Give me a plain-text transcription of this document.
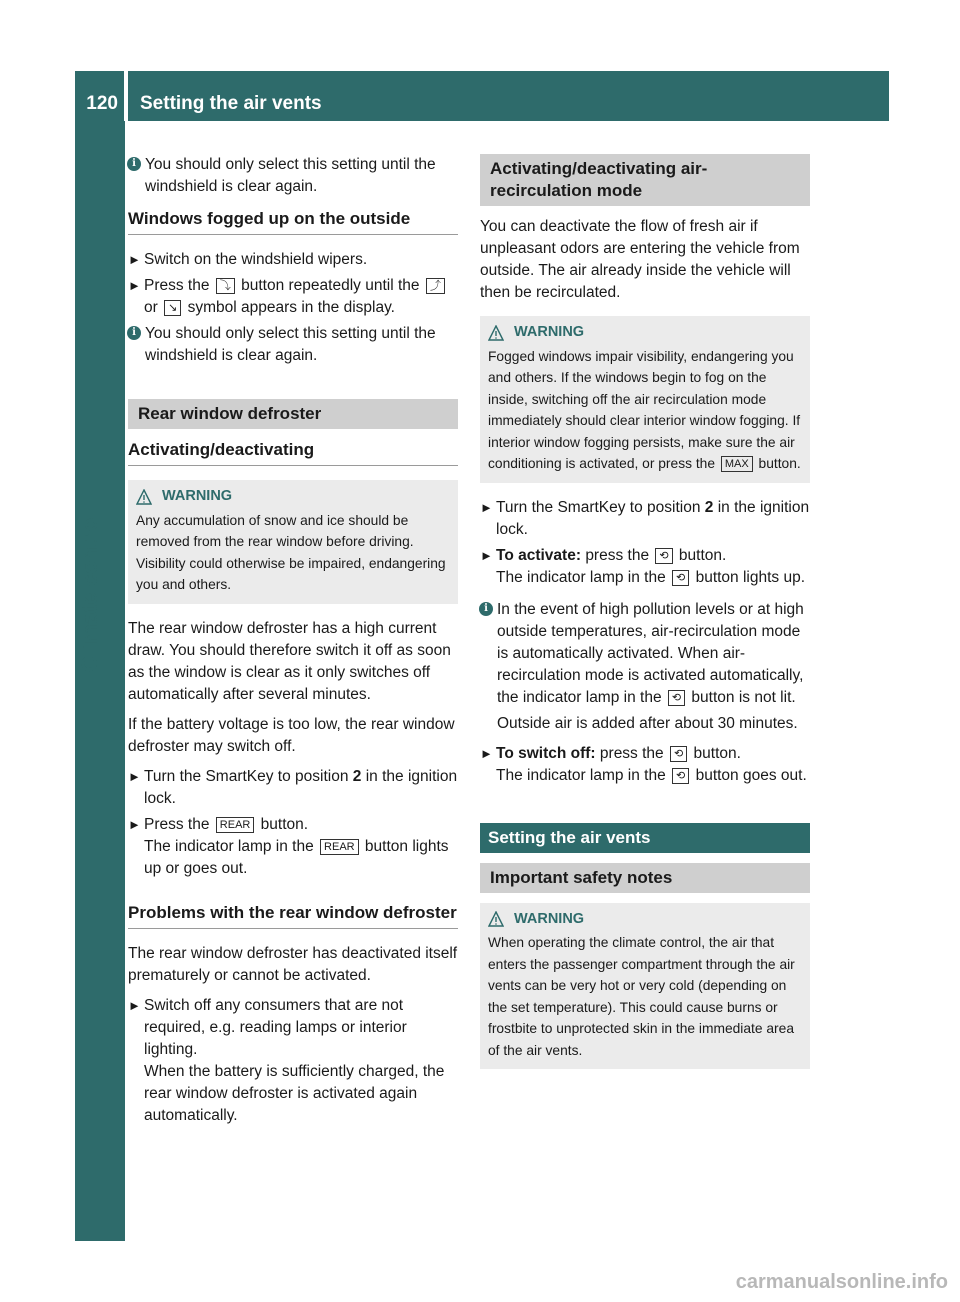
120	Setting the air vents
Climate control
i You should only select this setting until the windshield is clear again.
Windows fogged up on the outside
► Switch on the windshield wipers.
► Press the ⤵ button repeatedly until the ⤴ or ↘ symbol appears in the display.
i You should only select this setting until the windshield is clear again.
Rear window defroster
Activating/deactivating
WARNING
Any accumulation of snow and ice should be removed from the rear window before driving. Visibility could otherwise be impaired, endangering you and others.
The rear window defroster has a high current draw. You should therefore switch it off as soon as the window is clear as it only switches off automatically after several minutes.
If the battery voltage is too low, the rear window defroster may switch off.
► Turn the SmartKey to position 2 in the ignition lock.
► Press the REAR button.
The indicator lamp in the REAR button lights up or goes out.
Problems with the rear window defroster
The rear window defroster has deactivated itself prematurely or cannot be activated.
► Switch off any consumers that are not required, e.g. reading lamps or interior lighting.
When the battery is sufficiently charged, the rear window defroster is activated again automatically.
Activating/deactivating air-recirculation mode
You can deactivate the flow of fresh air if unpleasant odors are entering the vehicle from outside. The air already inside the vehicle will then be recirculated.
WARNING
Fogged windows impair visibility, endangering you and others. If the windows begin to fog on the inside, switching off the air recirculation mode immediately should clear interior window fogging. If interior window fogging persists, make sure the air conditioning is activated, or press the MAX button.
► Turn the SmartKey to position 2 in the ignition lock.
► To activate: press the ⟲ button.
The indicator lamp in the ⟲ button lights up.
i In the event of high pollution levels or at high outside temperatures, air-recirculation mode is automatically activated. When air-recirculation mode is activated automatically, the indicator lamp in the ⟲ button is not lit.
Outside air is added after about 30 minutes.
► To switch off: press the ⟲ button.
The indicator lamp in the ⟲ button goes out.
Setting the air vents
Important safety notes
WARNING
When operating the climate control, the air that enters the passenger compartment through the air vents can be very hot or very cold (depending on the set temperature). This could cause burns or frostbite to unprotected skin in the immediate area of the air vents.
carmanualsonline.info
